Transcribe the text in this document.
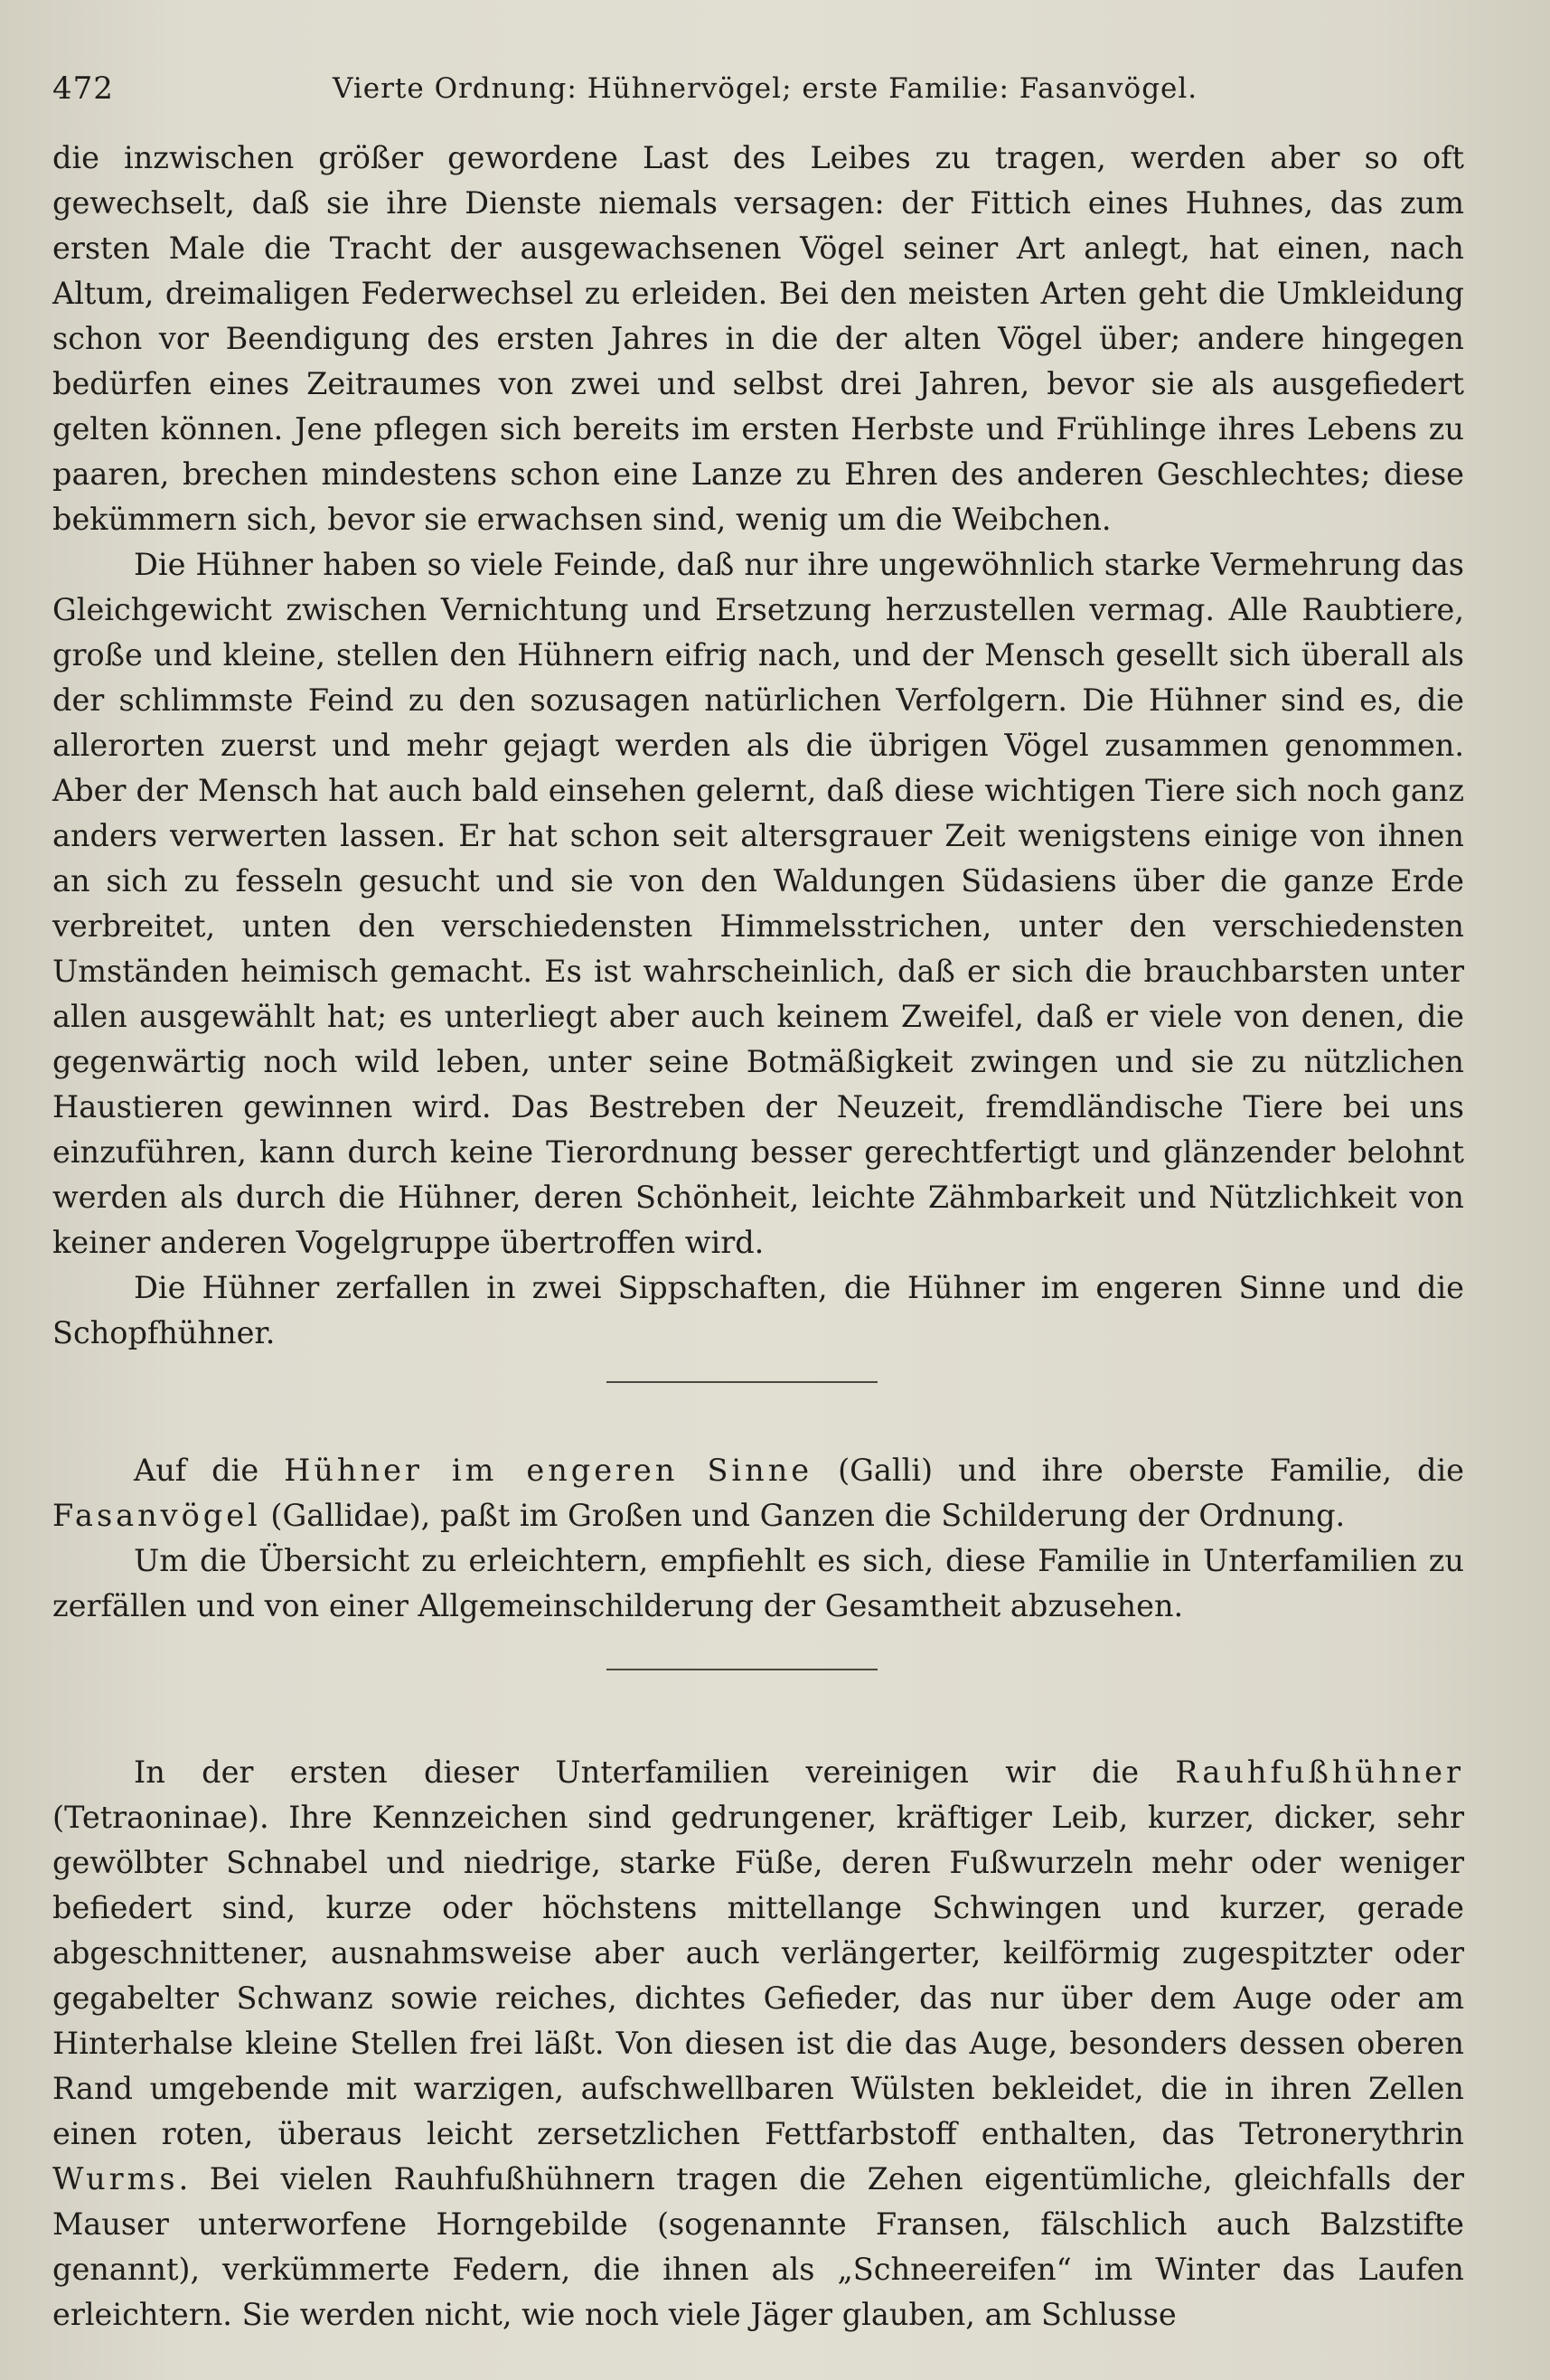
472	Vierte Ordnung: Hühnervögel; erste Familie: Fasanvögel.

die inzwischen größer gewordene Last des Leibes zu tragen, werden aber so oft gewechselt, daß sie ihre Dienste niemals versagen: der Fittich eines Huhnes, das zum ersten Male die Tracht der ausgewachsenen Vögel seiner Art anlegt, hat einen, nach Altum, dreimaligen Federwechsel zu erleiden. Bei den meisten Arten geht die Umkleidung schon vor Beendigung des ersten Jahres in die der alten Vögel über; andere hingegen bedürfen eines Zeitraumes von zwei und selbst drei Jahren, bevor sie als ausgefiedert gelten können. Jene pflegen sich bereits im ersten Herbste und Frühlinge ihres Lebens zu paaren, brechen mindestens schon eine Lanze zu Ehren des anderen Geschlechtes; diese bekümmern sich, bevor sie erwachsen sind, wenig um die Weibchen.

Die Hühner haben so viele Feinde, daß nur ihre ungewöhnlich starke Vermehrung das Gleichgewicht zwischen Vernichtung und Ersetzung herzustellen vermag. Alle Raubtiere, große und kleine, stellen den Hühnern eifrig nach, und der Mensch gesellt sich überall als der schlimmste Feind zu den sozusagen natürlichen Verfolgern. Die Hühner sind es, die allerorten zuerst und mehr gejagt werden als die übrigen Vögel zusammen genommen. Aber der Mensch hat auch bald einsehen gelernt, daß diese wichtigen Tiere sich noch ganz anders verwerten lassen. Er hat schon seit altersgrauer Zeit wenigstens einige von ihnen an sich zu fesseln gesucht und sie von den Waldungen Südasiens über die ganze Erde verbreitet, unten den verschiedensten Himmelsstrichen, unter den verschiedensten Umständen heimisch gemacht. Es ist wahrscheinlich, daß er sich die brauchbarsten unter allen ausgewählt hat; es unterliegt aber auch keinem Zweifel, daß er viele von denen, die gegenwärtig noch wild leben, unter seine Botmäßigkeit zwingen und sie zu nützlichen Haustieren gewinnen wird. Das Bestreben der Neuzeit, fremdländische Tiere bei uns einzuführen, kann durch keine Tierordnung besser gerechtfertigt und glänzender belohnt werden als durch die Hühner, deren Schönheit, leichte Zähmbarkeit und Nützlichkeit von keiner anderen Vogelgruppe übertroffen wird.

Die Hühner zerfallen in zwei Sippschaften, die Hühner im engeren Sinne und die Schopfhühner.

Auf die Hühner im engeren Sinne (Galli) und ihre oberste Familie, die Fasanvögel (Gallidae), paßt im Großen und Ganzen die Schilderung der Ordnung.

Um die Übersicht zu erleichtern, empfiehlt es sich, diese Familie in Unterfamilien zu zerfällen und von einer Allgemeinschilderung der Gesamtheit abzusehen.

In der ersten dieser Unterfamilien vereinigen wir die Rauhfußhühner (Tetraoninae). Ihre Kennzeichen sind gedrungener, kräftiger Leib, kurzer, dicker, sehr gewölbter Schnabel und niedrige, starke Füße, deren Fußwurzeln mehr oder weniger befiedert sind, kurze oder höchstens mittellange Schwingen und kurzer, gerade abgeschnittener, ausnahmsweise aber auch verlängerter, keilförmig zugespitzter oder gegabelter Schwanz sowie reiches, dichtes Gefieder, das nur über dem Auge oder am Hinterhalse kleine Stellen frei läßt. Von diesen ist die das Auge, besonders dessen oberen Rand umgebende mit warzigen, aufschwellbaren Wülsten bekleidet, die in ihren Zellen einen roten, überaus leicht zersetzlichen Fettfarbstoff enthalten, das Tetronerythrin Wurms. Bei vielen Rauhfußhühnern tragen die Zehen eigentümliche, gleichfalls der Mauser unterworfene Horngebilde (sogenannte Fransen, fälschlich auch Balzstifte genannt), verkümmerte Federn, die ihnen als „Schneereifen“ im Winter das Laufen erleichtern. Sie werden nicht, wie noch viele Jäger glauben, am Schlusse
